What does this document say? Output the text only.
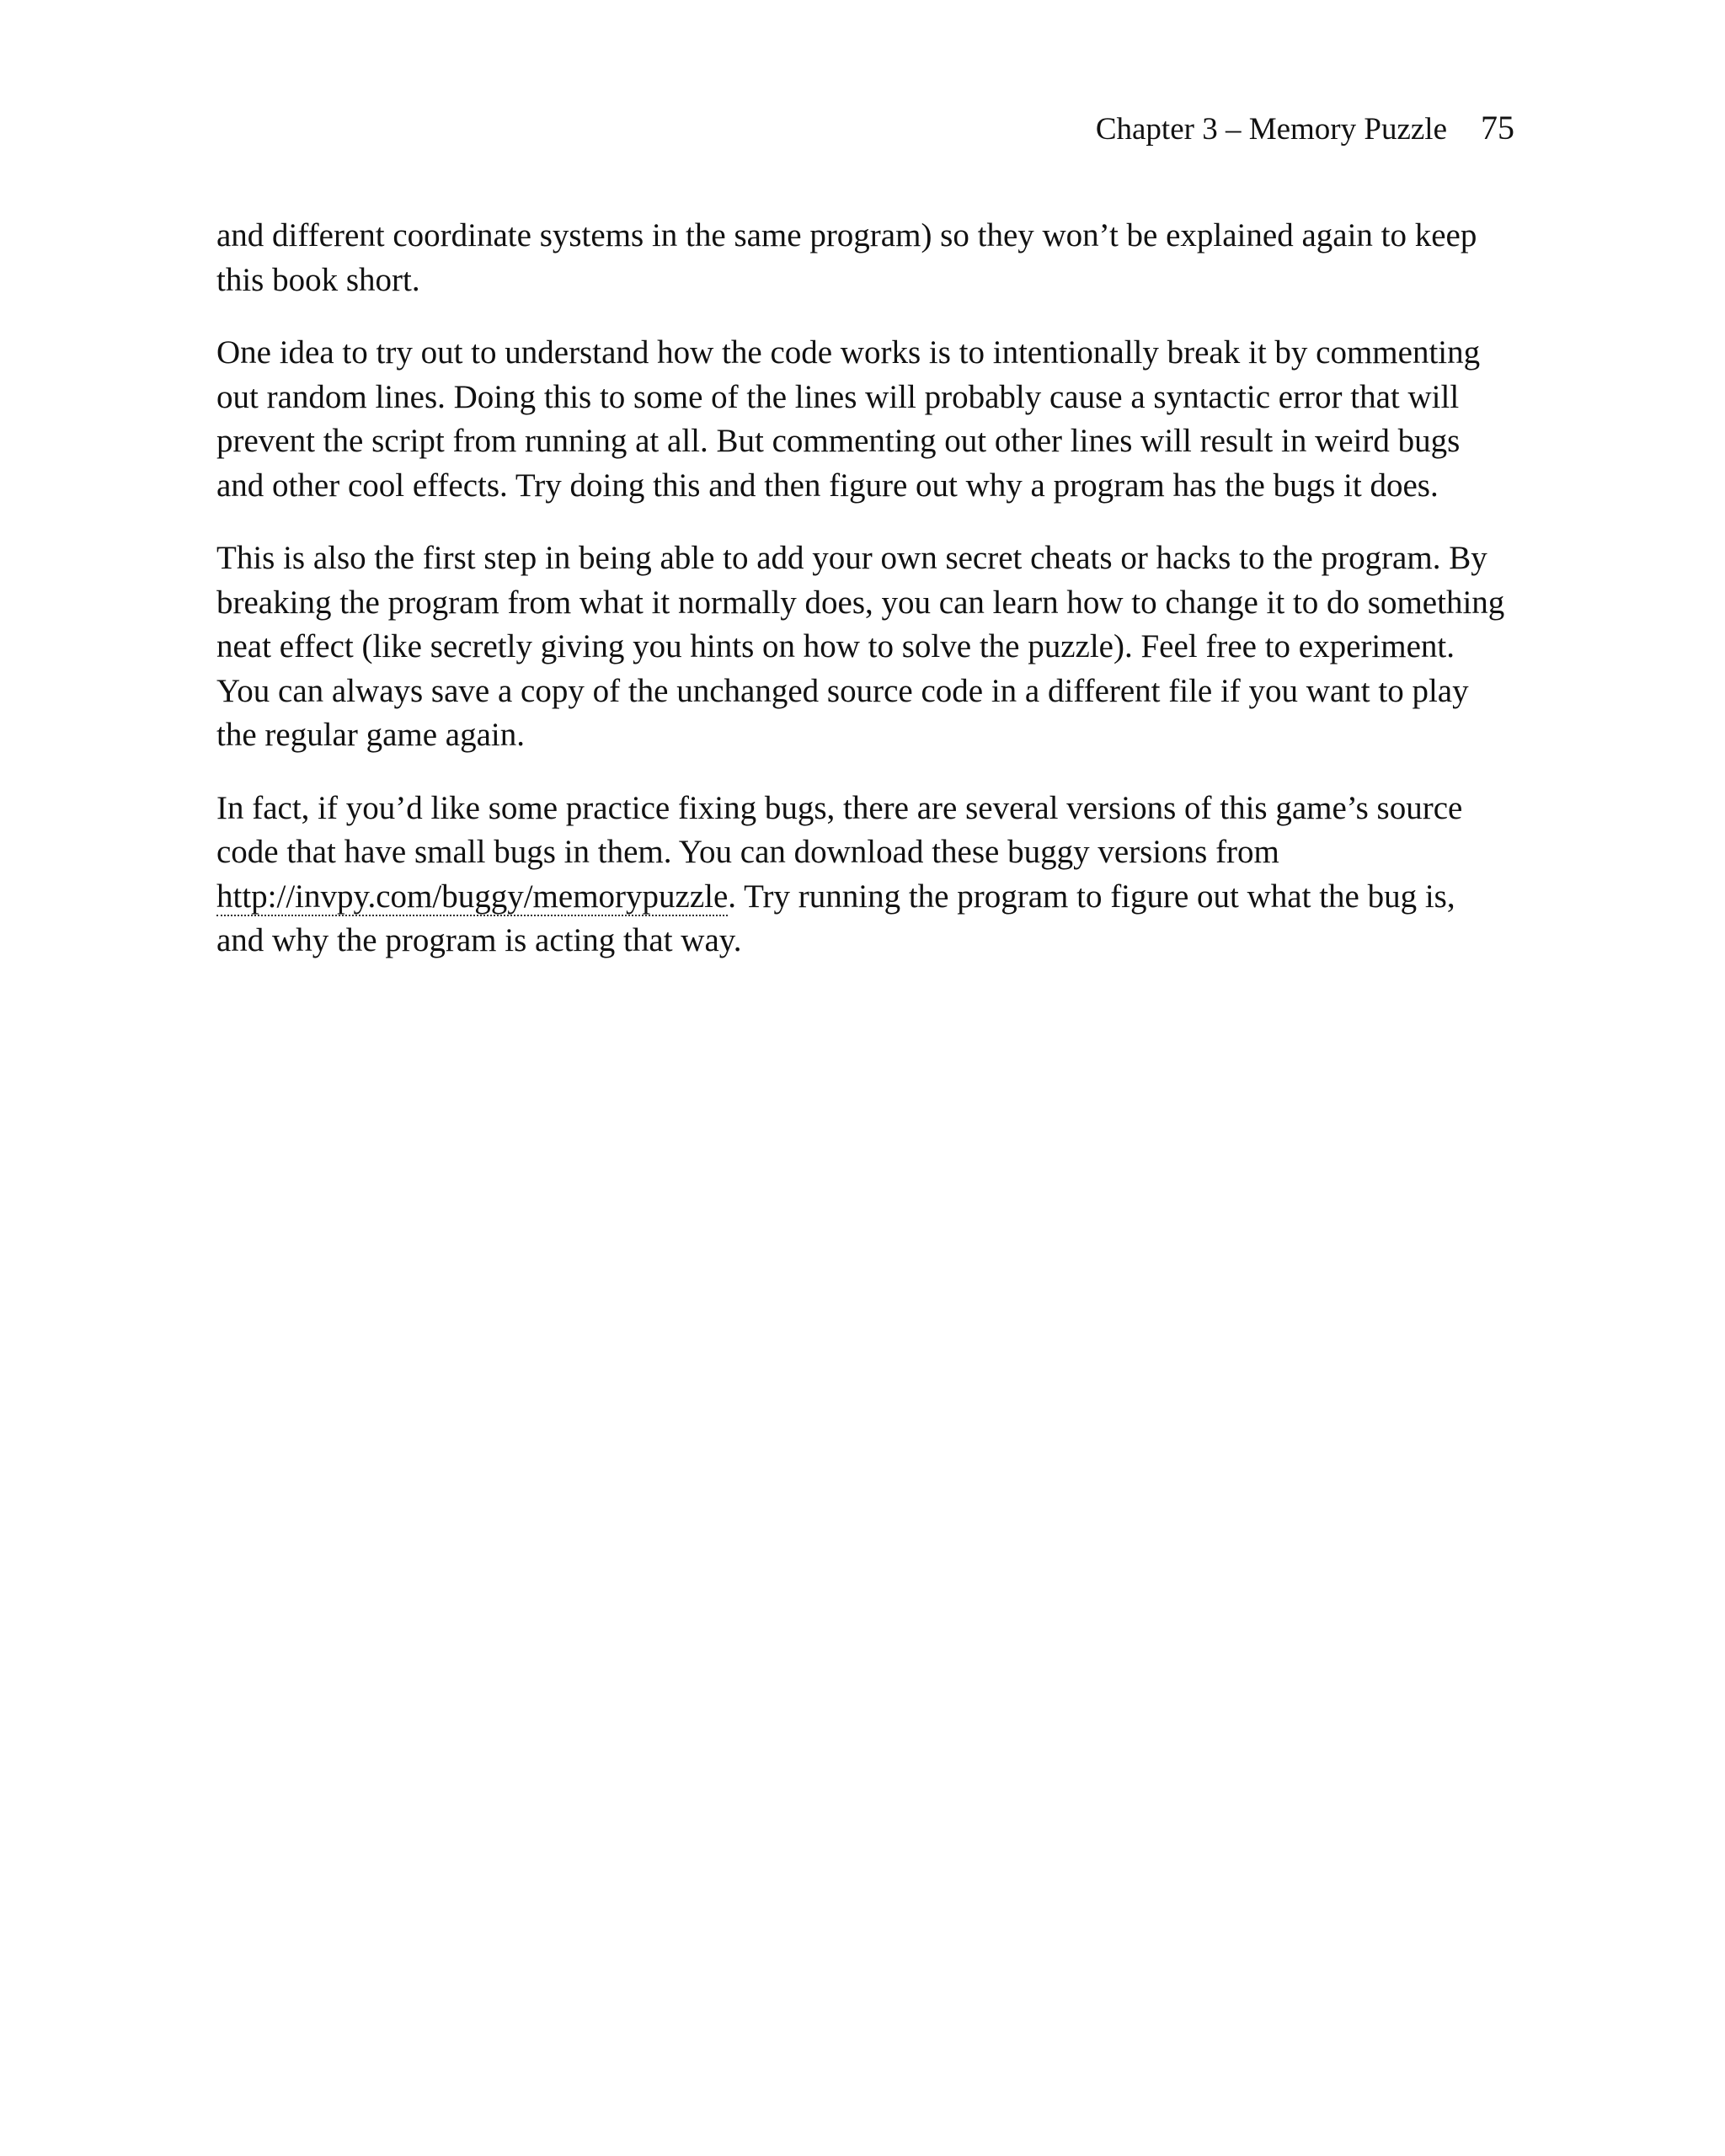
Chapter 3 – Memory Puzzle 75

and different coordinate systems in the same program) so they won’t be explained again to keep
this book short.

One idea to try out to understand how the code works is to intentionally break it by commenting
out random lines. Doing this to some of the lines will probably cause a syntactic error that will
prevent the script from running at all. But commenting out other lines will result in weird bugs
and other cool effects. Try doing this and then figure out why a program has the bugs it does.

This is also the first step in being able to add your own secret cheats or hacks to the program. By
breaking the program from what it normally does, you can learn how to change it to do something
neat effect (like secretly giving you hints on how to solve the puzzle). Feel free to experiment.
You can always save a copy of the unchanged source code in a different file if you want to play
the regular game again.

In fact, if you’d like some practice fixing bugs, there are several versions of this game’s source
code that have small bugs in them. You can download these buggy versions from
http://invpy.com/buggy/memorypuzzle. Try running the program to figure out what the bug is,
and why the program is acting that way.
